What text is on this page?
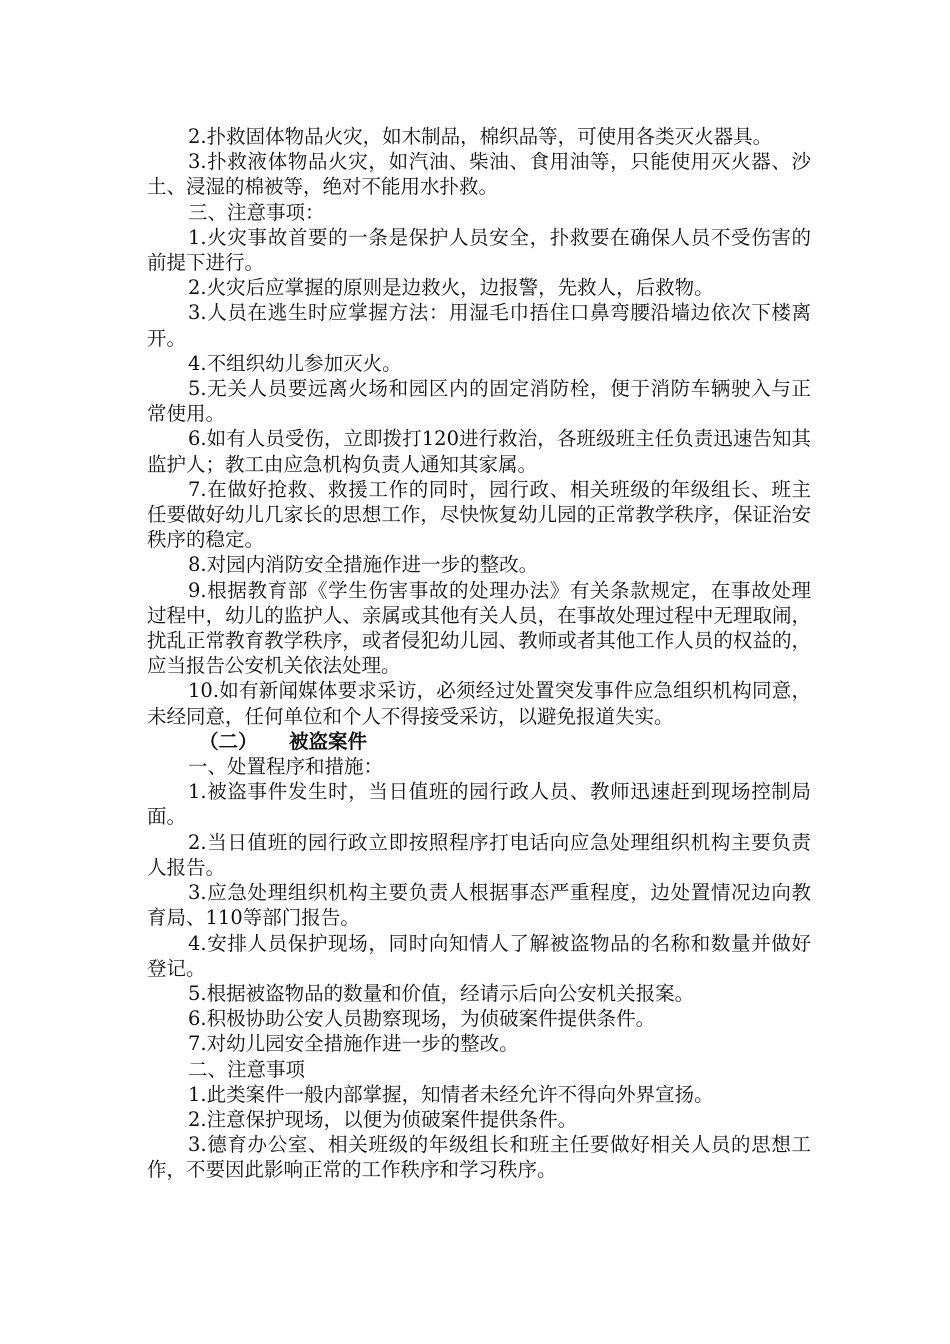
2.扑救固体物品火灾，如木制品，棉织品等，可使用各类灭火器具。

3.扑救液体物品火灾，如汽油、柴油、食用油等，只能使用灭火器、沙土、浸湿的棉被等，绝对不能用水扑救。

三、注意事项：

1.火灾事故首要的一条是保护人员安全，扑救要在确保人员不受伤害的前提下进行。

2.火灾后应掌握的原则是边救火，边报警，先救人，后救物。

3.人员在逃生时应掌握方法：用湿毛巾捂住口鼻弯腰沿墙边依次下楼离开。

4.不组织幼儿参加灭火。

5.无关人员要远离火场和园区内的固定消防栓，便于消防车辆驶入与正常使用。

6.如有人员受伤，立即拨打120进行救治，各班级班主任负责迅速告知其监护人；教工由应急机构负责人通知其家属。

7.在做好抢救、救援工作的同时，园行政、相关班级的年级组长、班主任要做好幼儿几家长的思想工作，尽快恢复幼儿园的正常教学秩序，保证治安秩序的稳定。

8.对园内消防安全措施作进一步的整改。

9.根据教育部《学生伤害事故的处理办法》有关条款规定，在事故处理过程中，幼儿的监护人、亲属或其他有关人员，在事故处理过程中无理取闹，扰乱正常教育教学秩序，或者侵犯幼儿园、教师或者其他工作人员的权益的，应当报告公安机关依法处理。

10.如有新闻媒体要求采访，必须经过处置突发事件应急组织机构同意，未经同意，任何单位和个人不得接受采访，以避免报道失实。

（二） 被盗案件

一、处置程序和措施：

1.被盗事件发生时，当日值班的园行政人员、教师迅速赶到现场控制局面。

2.当日值班的园行政立即按照程序打电话向应急处理组织机构主要负责人报告。

3.应急处理组织机构主要负责人根据事态严重程度，边处置情况边向教育局、110等部门报告。

4.安排人员保护现场，同时向知情人了解被盗物品的名称和数量并做好登记。

5.根据被盗物品的数量和价值，经请示后向公安机关报案。

6.积极协助公安人员勘察现场，为侦破案件提供条件。

7.对幼儿园安全措施作进一步的整改。

二、注意事项

1.此类案件一般内部掌握，知情者未经允许不得向外界宣扬。

2.注意保护现场，以便为侦破案件提供条件。

3.德育办公室、相关班级的年级组长和班主任要做好相关人员的思想工作，不要因此影响正常的工作秩序和学习秩序。
